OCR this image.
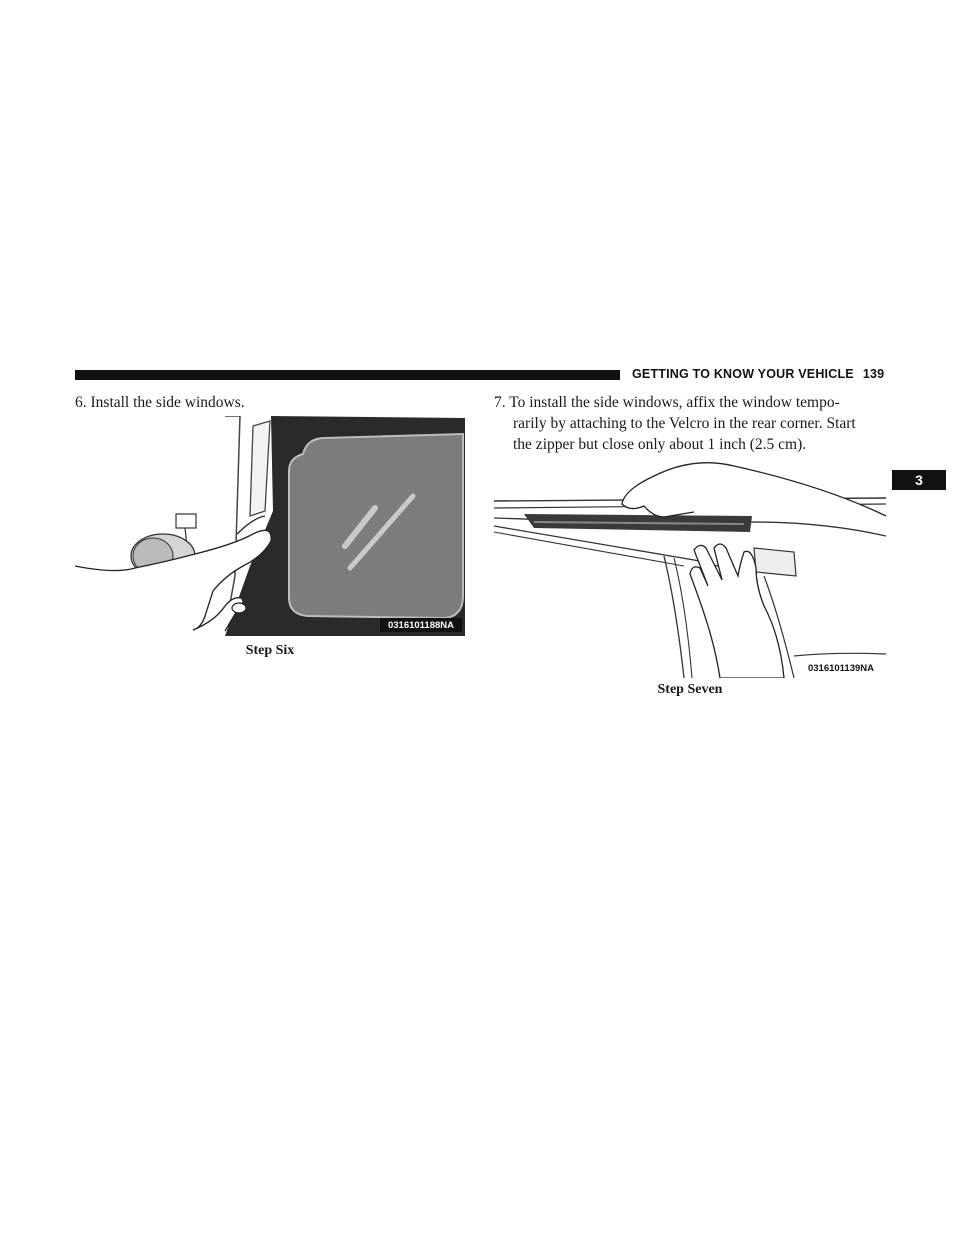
GETTING TO KNOW YOUR VEHICLE 139
3
6. Install the side windows.	7. To install the side windows, affix the window tempo-
rarily by attaching to the Velcro in the rear corner. Start
the zipper but close only about 1 inch (2.5 cm).
0316101188NA
Step Six
0316101139NA
Step Seven
